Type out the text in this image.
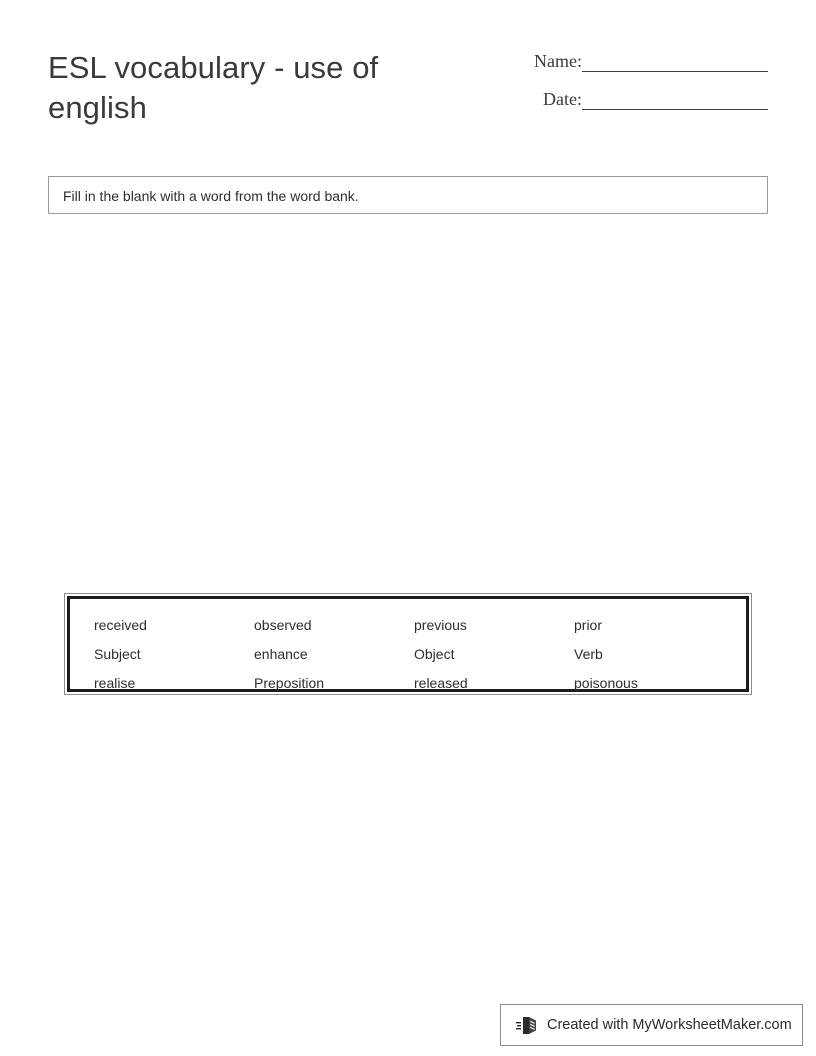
ESL vocabulary - use of english
Name:
Date:
Fill in the blank with a word from the word bank.
received	observed	previous	prior
Subject	enhance	Object	Verb
realise	Preposition	released	poisonous
Created with MyWorksheetMaker.com
